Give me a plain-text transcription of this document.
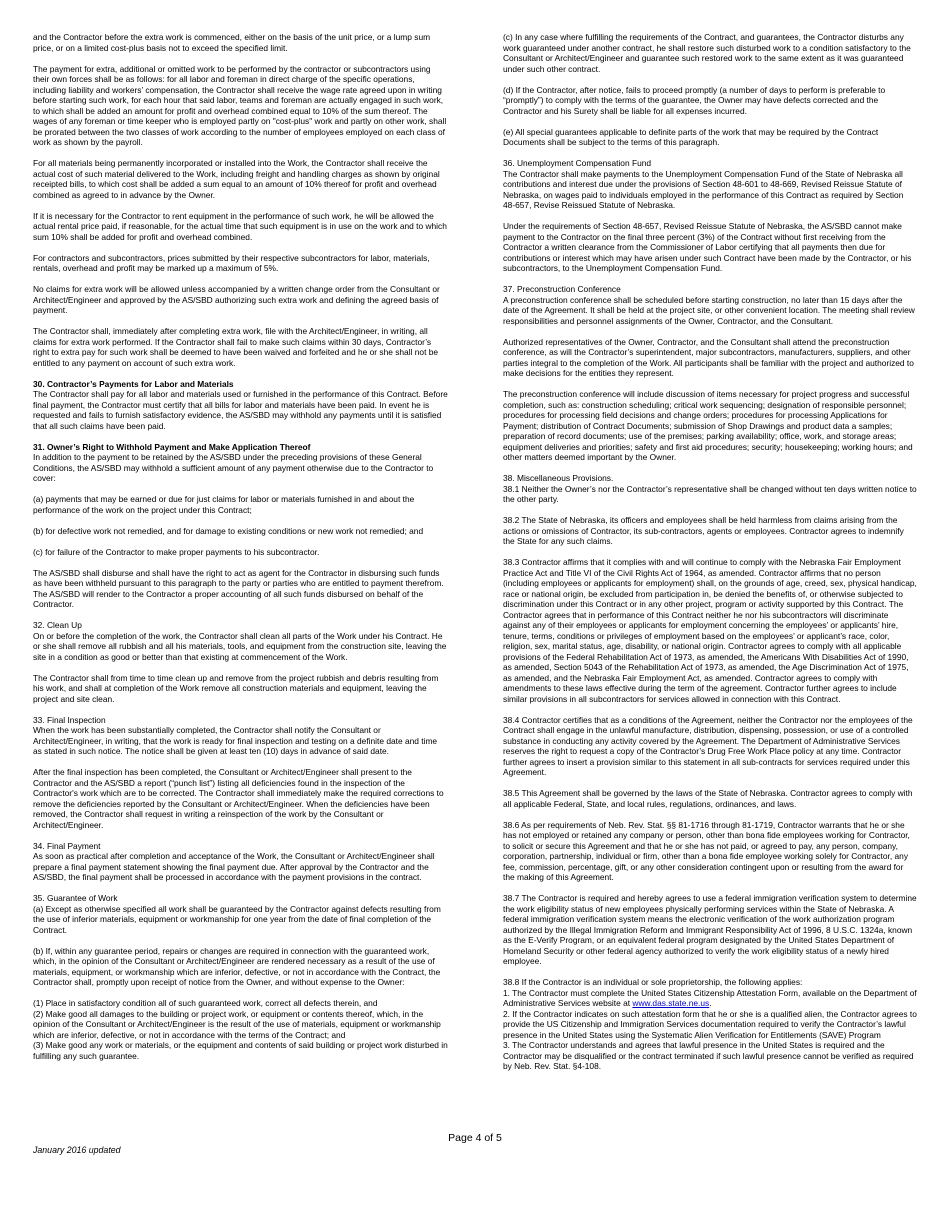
and the Contractor before the extra work is commenced, either on the basis of the unit price, or a lump sum price, or on a limited cost-plus basis not to exceed the specified limit.

The payment for extra, additional or omitted work to be performed by the contractor or subcontractors using their own forces shall be as follows: for all labor and foreman in direct charge of the specific operations, including liability and workers’ compensation, the Contractor shall receive the wage rate agreed upon in writing before starting such work, for each hour that said labor, teams and foreman are actually engaged in such work, to which shall be added an amount for profit and overhead combined equal to 10% of the sum thereof. The wages of any foreman or time keeper who is employed partly on "cost-plus" work and partly on other work, shall be prorated between the two classes of work according to the number of employees employed on each class of work as shown by the payroll.

For all materials being permanently incorporated or installed into the Work, the Contractor shall receive the actual cost of such material delivered to the Work, including freight and handling charges as shown by original receipted bills, to which cost shall be added a sum equal to an amount of 10% thereof for profit and overhead combined as agreed to in advance by the Owner.

If it is necessary for the Contractor to rent equipment in the performance of such work, he will be allowed the actual rental price paid, if reasonable, for the actual time that such equipment is in use on the work and to which sum 10% shall be added for profit and overhead combined.

For contractors and subcontractors, prices submitted by their respective subcontractors for labor, materials, rentals, overhead and profit may be marked up a maximum of 5%.

No claims for extra work will be allowed unless accompanied by a written change order from the Consultant or Architect/Engineer and approved by the AS/SBD authorizing such extra work and defining the agreed basis of payment.

The Contractor shall, immediately after completing extra work, file with the Architect/Engineer, in writing, all claims for extra work performed. If the Contractor shall fail to make such claims within 30 days, Contractor’s right to extra pay for such work shall be deemed to have been waived and forfeited and he or she shall not be entitled to any payment on account of such extra work.

30. Contractor’s Payments for Labor and Materials

The Contractor shall pay for all labor and materials used or furnished in the performance of this Contract. Before final payment, the Contractor must certify that all bills for labor and materials have been paid. In event he is requested and fails to furnish satisfactory evidence, the AS/SBD may withhold any payments until it is satisfied that all such claims have been paid.

31. Owner’s Right to Withhold Payment and Make Application Thereof

In addition to the payment to be retained by the AS/SBD under the preceding provisions of these General Conditions, the AS/SBD may withhold a sufficient amount of any payment otherwise due to the Contractor to cover:

(a) payments that may be earned or due for just claims for labor or materials furnished in and about the performance of the work on the project under this Contract;

(b) for defective work not remedied, and for damage to existing conditions or new work not remedied; and

(c) for failure of the Contractor to make proper payments to his subcontractor.

The AS/SBD shall disburse and shall have the right to act as agent for the Contractor in disbursing such funds as have been withheld pursuant to this paragraph to the party or parties who are entitled to payment therefrom. The AS/SBD will render to the Contractor a proper accounting of all such funds disbursed on behalf of the Contractor.

32. Clean Up

On or before the completion of the work, the Contractor shall clean all parts of the Work under his Contract. He or she shall remove all rubbish and all his materials, tools, and equipment from the construction site, leaving the site in a condition as good or better than that existing at commencement of the Work.

The Contractor shall from time to time clean up and remove from the project rubbish and debris resulting from his work, and shall at completion of the Work remove all construction materials and equipment, leaving the project and site clean.

33. Final Inspection

When the work has been substantially completed, the Contractor shall notify the Consultant or Architect/Engineer, in writing, that the work is ready for final inspection and testing on a definite date and time as stated in such notice. The notice shall be given at least ten (10) days in advance of said date.

After the final inspection has been completed, the Consultant or Architect/Engineer shall present to the Contractor and the AS/SBD a report (“punch list”) listing all deficiencies found in the inspection of the Contractor's work which are to be corrected. The Contractor shall immediately make the required corrections to remove the deficiencies reported by the Consultant or Architect/Engineer. When the deficiencies have been removed, the Contractor shall request in writing a reinspection of the work by the Consultant or Architect/Engineer.

34. Final Payment

As soon as practical after completion and acceptance of the Work, the Consultant or Architect/Engineer shall prepare a final payment statement showing the final payment due. After approval by the Contractor and the AS/SBD, the final payment shall be processed in accordance with the payment provisions in the contract.

35. Guarantee of Work

(a) Except as otherwise specified all work shall be guaranteed by the Contractor against defects resulting from the use of inferior materials, equipment or workmanship for one year from the date of final completion of the Contract.

(b) If, within any guarantee period, repairs or changes are required in connection with the guaranteed work, which, in the opinion of the Consultant or Architect/Engineer are rendered necessary as a result of the use of materials, equipment, or workmanship which are inferior, defective, or not in accordance with the Contract, the Contractor shall, promptly upon receipt of notice from the Owner, and without expense to the Owner:

(1) Place in satisfactory condition all of such guaranteed work, correct all defects therein, and

(2) Make good all damages to the building or project work, or equipment or contents thereof, which, in the opinion of the Consultant or Architect/Engineer is the result of the use of materials, equipment or workmanship which are inferior, defective, or not in accordance with the terms of the Contract; and

(3) Make good any work or materials, or the equipment and contents of said building or project work disturbed in fulfilling any such guarantee.

(c) In any case where fulfilling the requirements of the Contract, and guarantees, the Contractor disturbs any work guaranteed under another contract, he shall restore such disturbed work to a condition satisfactory to the Consultant or Architect/Engineer and guarantee such restored work to the same extent as it was guaranteed under such other contract.

(d) If the Contractor, after notice, fails to proceed promptly (a number of days to perform is preferable to “promptly”) to comply with the terms of the guarantee, the Owner may have defects corrected and the Contractor and his Surety shall be liable for all expenses incurred.

(e) All special guarantees applicable to definite parts of the work that may be required by the Contract Documents shall be subject to the terms of this paragraph.

36. Unemployment Compensation Fund

The Contractor shall make payments to the Unemployment Compensation Fund of the State of Nebraska all contributions and interest due under the provisions of Section 48-601 to 48-669, Revised Reissue Statute of Nebraska, on wages paid to individuals employed in the performance of this Contract as required by Section 48-657, Revise Reissued Statute of Nebraska.

Under the requirements of Section 48-657, Revised Reissue Statute of Nebraska, the AS/SBD cannot make payment to the Contractor on the final three percent (3%) of the Contract without first receiving from the Contractor a written clearance from the Commissioner of Labor certifying that all payments then due for contributions or interest which may have arisen under such Contract have been made by the Contractor, or his subcontractors, to the Unemployment Compensation Fund.

37. Preconstruction Conference

A preconstruction conference shall be scheduled before starting construction, no later than 15 days after the date of the Agreement. It shall be held at the project site, or other convenient location. The meeting shall review responsibilities and personnel assignments of the Owner, Contractor, and the Consultant.

Authorized representatives of the Owner, Contractor, and the Consultant shall attend the preconstruction conference, as will the Contractor’s superintendent, major subcontractors, manufacturers, suppliers, and other parties integral to the completion of the Work. All participants shall be familiar with the project and authorized to make decisions for the entities they represent.

The preconstruction conference will include discussion of items necessary for project progress and successful completion, such as: construction scheduling; critical work sequencing; designation of responsible personnel; procedures for processing field decisions and change orders; procedures for processing Applications for Payment; distribution of Contract Documents; submission of Shop Drawings and product data a samples; preparation of record documents; use of the premises; parking availability; office, work, and storage areas; equipment deliveries and priorities; safety and first aid procedures; security; housekeeping; working hours; and other matters deemed important by the Owner.

38. Miscellaneous Provisions.

38.1 Neither the Owner’s nor the Contractor’s representative shall be changed without ten days written notice to the other party.

38.2 The State of Nebraska, its officers and employees shall be held harmless from claims arising from the actions or omissions of Contractor, its sub-contractors, agents or employees. Contractor agrees to indemnify the State for any such claims.

38.3 Contractor affirms that it complies with and will continue to comply with the Nebraska Fair Employment Practice Act and Title VI of the Civil Rights Act of 1964, as amended. Contractor affirms that no person (including employees or applicants for employment) shall, on the grounds of age, creed, sex, physical handicap, race or national origin, be excluded from participation in, be denied the benefits of, or otherwise subjected to discrimination under this Contract or in any other project, program or activity supported by this Contract. The Contractor agrees that in performance of this Contract neither he nor his subcontractors will discriminate against any of their employees or applicants for employment concerning the employees’ or applicants’ hire, tenure, terms, conditions or privileges of employment based on the employees’ or applicant’s race, color, religion, sex, marital status, age, disability, or national origin. Contractor agrees to comply with all applicable provisions of the Federal Rehabilitation Act of 1973, as amended, the Americans With Disabilities Act of 1990, as amended, Section 5043 of the Rehabilitation Act of 1973, as amended, the Age Discrimination Act of 1975, as amended, and the Nebraska Fair Employment Act, as amended. Contractor agrees to comply with amendments to these laws effective during the term of the agreement. Contractor further agrees to include similar provisions in all subcontractors for services allowed in connection with this Contract.

38.4 Contractor certifies that as a conditions of the Agreement, neither the Contractor nor the employees of the Contract shall engage in the unlawful manufacture, distribution, dispensing, possession, or use of a controlled substance in conducting any activity covered by the Agreement. The Department of Administrative Services reserves the right to request a copy of the Contractor’s Drug Free Work Place policy at any time. Contractor further agrees to insert a provision similar to this statement in all sub-contracts for services required under this Agreement.

38.5 This Agreement shall be governed by the laws of the State of Nebraska. Contractor agrees to comply with all applicable Federal, State, and local rules, regulations, ordinances, and laws.

38.6 As per requirements of Neb. Rev. Stat. §§ 81-1716 through 81-1719, Contractor warrants that he or she has not employed or retained any company or person, other than bona fide employees working for Contractor, to solicit or secure this Agreement and that he or she has not paid, or agreed to pay, any person, company, corporation, partnership, individual or firm, other than a bona fide employee working solely for Contractor, any fee, commission, percentage, gift, or any other consideration contingent upon or resulting from the award for the making of this Agreement.

38.7 The Contractor is required and hereby agrees to use a federal immigration verification system to determine the work eligibility status of new employees physically performing services within the State of Nebraska. A federal immigration verification system means the electronic verification of the work authorization program authorized by the Illegal Immigration Reform and Immigrant Responsibility Act of 1996, 8 U.S.C. 1324a, known as the E-Verify Program, or an equivalent federal program designated by the United States Department of Homeland Security or other federal agency authorized to verify the work eligibility status of a newly hired employee.

38.8 If the Contractor is an individual or sole proprietorship, the following applies:

1. The Contractor must complete the United States Citizenship Attestation Form, available on the Department of Administrative Services website at www.das.state.ne.us.

2. If the Contractor indicates on such attestation form that he or she is a qualified alien, the Contractor agrees to provide the US Citizenship and Immigration Services documentation required to verify the Contractor’s lawful presence in the United States using the Systematic Alien Verification for Entitlements (SAVE) Program

3. The Contractor understands and agrees that lawful presence in the United States is required and the Contractor may be disqualified or the contract terminated if such lawful presence cannot be verified as required by Neb. Rev. Stat. §4-108.

Page 4 of 5
January 2016 updated
